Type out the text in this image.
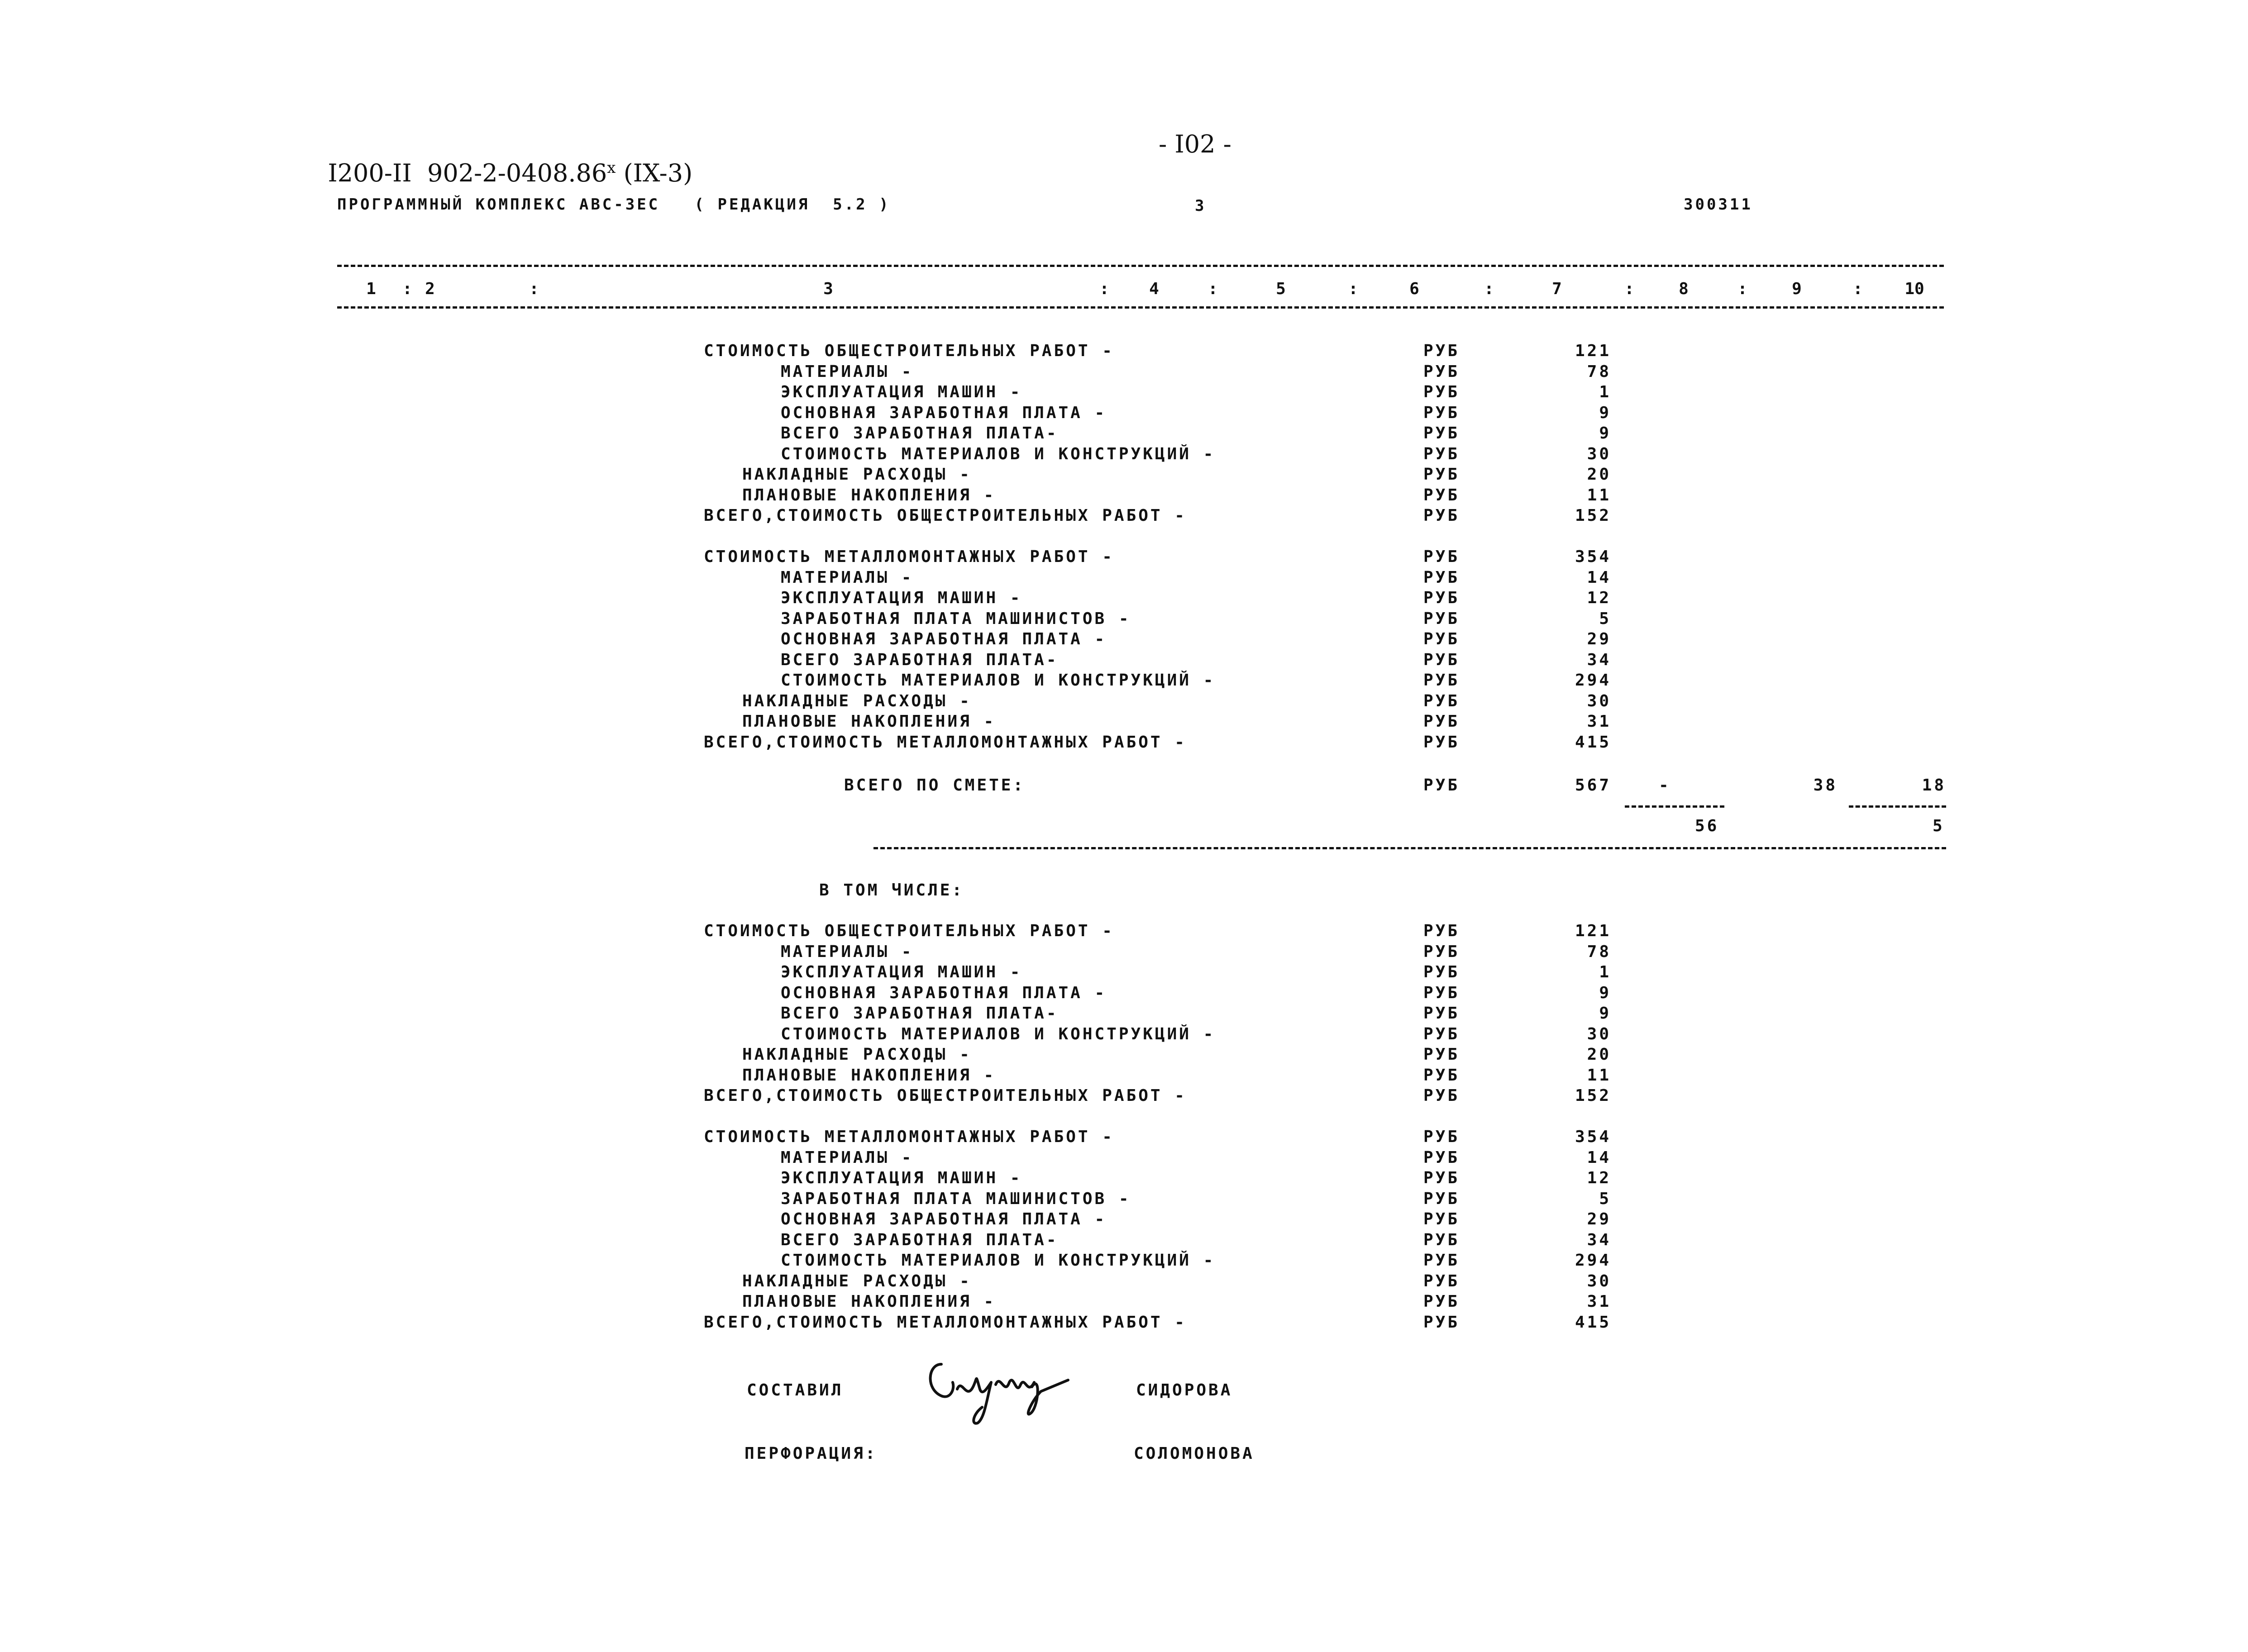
I200-II  902-2-0408.86$^x$ (IX-3)

- I02 -
ПРОГРАММНЫЙ КОМПЛЕКС АВС-ЗЕС   ( РЕДАКЦИЯ  5.2 )	3	300311
1	2	3	4	5	6	7	8	9	10
:	:	:	:	:	:	:	:	:
СТОИМОСТЬ ОБЩЕСТРОИТЕЛЬНЫХ РАБОТ -	РУБ	121
МАТЕРИАЛЫ -	РУБ	78
ЭКСПЛУАТАЦИЯ МАШИН -	РУБ	1
ОСНОВНАЯ ЗАРАБОТНАЯ ПЛАТА -	РУБ	9
ВСЕГО ЗАРАБОТНАЯ ПЛАТА-	РУБ	9
СТОИМОСТЬ МАТЕРИАЛОВ И КОНСТРУКЦИЙ -	РУБ	30
НАКЛАДНЫЕ РАСХОДЫ -	РУБ	20
ПЛАНОВЫЕ НАКОПЛЕНИЯ -	РУБ	11
ВСЕГО,СТОИМОСТЬ ОБЩЕСТРОИТЕЛЬНЫХ РАБОТ -	РУБ	152
СТОИМОСТЬ МЕТАЛЛОМОНТАЖНЫХ РАБОТ -	РУБ	354
МАТЕРИАЛЫ -	РУБ	14
ЭКСПЛУАТАЦИЯ МАШИН -	РУБ	12
ЗАРАБОТНАЯ ПЛАТА МАШИНИСТОВ -	РУБ	5
ОСНОВНАЯ ЗАРАБОТНАЯ ПЛАТА -	РУБ	29
ВСЕГО ЗАРАБОТНАЯ ПЛАТА-	РУБ	34
СТОИМОСТЬ МАТЕРИАЛОВ И КОНСТРУКЦИЙ -	РУБ	294
НАКЛАДНЫЕ РАСХОДЫ -	РУБ	30
ПЛАНОВЫЕ НАКОПЛЕНИЯ -	РУБ	31
ВСЕГО,СТОИМОСТЬ МЕТАЛЛОМОНТАЖНЫХ РАБОТ -	РУБ	415
ВСЕГО ПО СМЕТЕ:	РУБ	567	-	38	18
56	5
В ТОМ ЧИСЛЕ:
СТОИМОСТЬ ОБЩЕСТРОИТЕЛЬНЫХ РАБОТ -	РУБ	121
МАТЕРИАЛЫ -	РУБ	78
ЭКСПЛУАТАЦИЯ МАШИН -	РУБ	1
ОСНОВНАЯ ЗАРАБОТНАЯ ПЛАТА -	РУБ	9
ВСЕГО ЗАРАБОТНАЯ ПЛАТА-	РУБ	9
СТОИМОСТЬ МАТЕРИАЛОВ И КОНСТРУКЦИЙ -	РУБ	30
НАКЛАДНЫЕ РАСХОДЫ -	РУБ	20
ПЛАНОВЫЕ НАКОПЛЕНИЯ -	РУБ	11
ВСЕГО,СТОИМОСТЬ ОБЩЕСТРОИТЕЛЬНЫХ РАБОТ -	РУБ	152
СТОИМОСТЬ МЕТАЛЛОМОНТАЖНЫХ РАБОТ -	РУБ	354
МАТЕРИАЛЫ -	РУБ	14
ЭКСПЛУАТАЦИЯ МАШИН -	РУБ	12
ЗАРАБОТНАЯ ПЛАТА МАШИНИСТОВ -	РУБ	5
ОСНОВНАЯ ЗАРАБОТНАЯ ПЛАТА -	РУБ	29
ВСЕГО ЗАРАБОТНАЯ ПЛАТА-	РУБ	34
СТОИМОСТЬ МАТЕРИАЛОВ И КОНСТРУКЦИЙ -	РУБ	294
НАКЛАДНЫЕ РАСХОДЫ -	РУБ	30
ПЛАНОВЫЕ НАКОПЛЕНИЯ -	РУБ	31
ВСЕГО,СТОИМОСТЬ МЕТАЛЛОМОНТАЖНЫХ РАБОТ -	РУБ	415
СОСТАВИЛ	СИДОРОВА
ПЕРФОРАЦИЯ:	СОЛОМОНОВА
